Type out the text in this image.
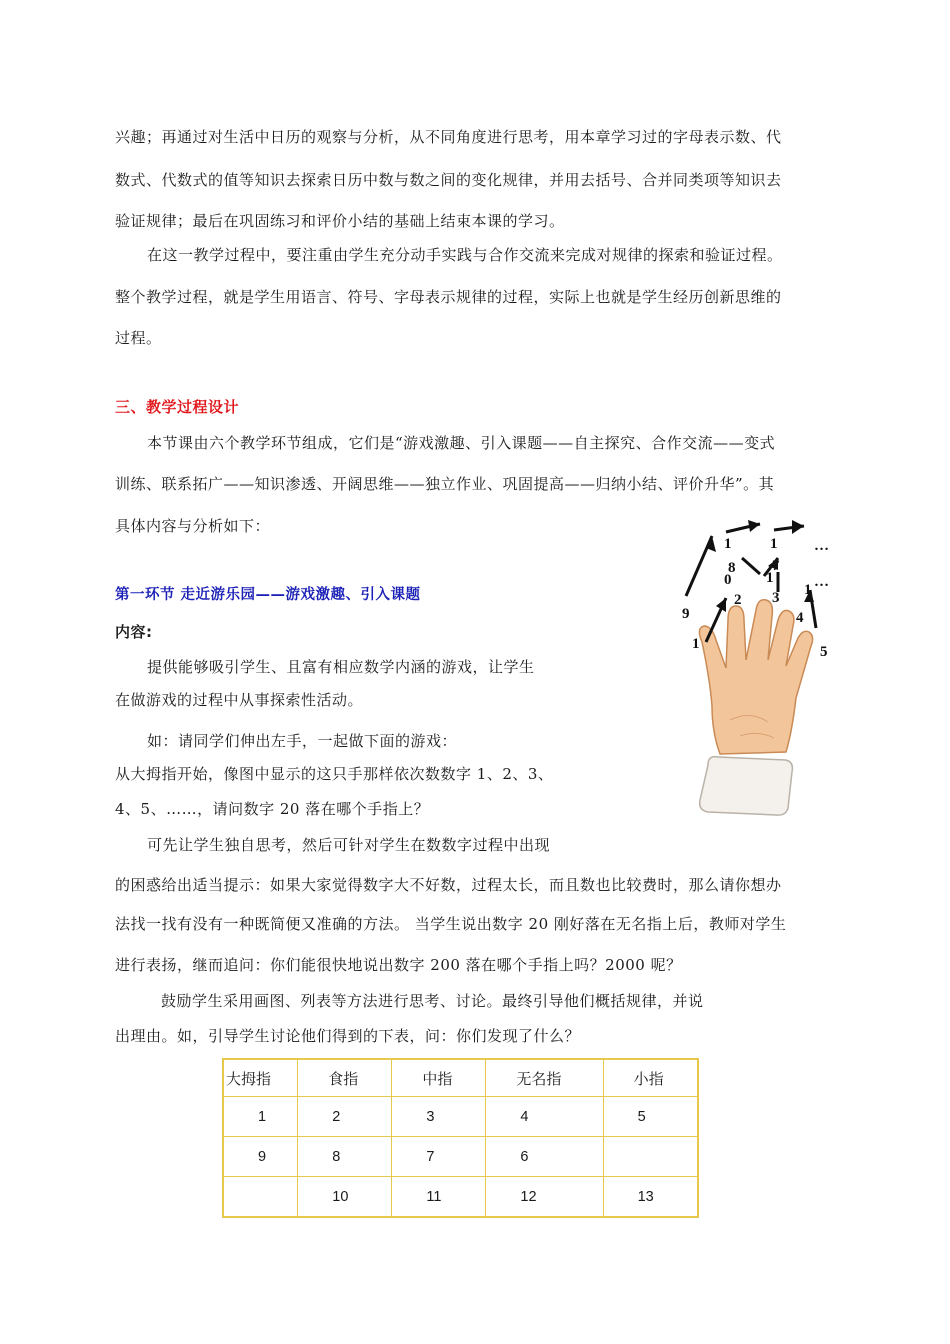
兴趣；再通过对生活中日历的观察与分析，从不同角度进行思考，用本章学习过的字母表示数、代
数式、代数式的值等知识去探索日历中数与数之间的变化规律，并用去括号、合并同类项等知识去
验证规律；最后在巩固练习和评价小结的基础上结束本课的学习。
在这一教学过程中，要注重由学生充分动手实践与合作交流来完成对规律的探索和验证过程。
整个教学过程，就是学生用语言、符号、字母表示规律的过程，实际上也就是学生经历创新思维的
过程。
三、教学过程设计
本节课由六个教学环节组成，它们是“游戏激趣、引入课题——自主探究、合作交流——变式
训练、联系拓广——知识渗透、开阔思维——独立作业、巩固提高——归纳小结、评价升华”。其
具体内容与分析如下：
第一环节 走近游乐园——游戏激趣、引入课题
内容:
提供能够吸引学生、且富有相应数学内涵的游戏，让学生
在做游戏的过程中从事探索性活动。
如：请同学们伸出左手，一起做下面的游戏：
从大拇指开始，像图中显示的这只手那样依次数数字 1、2、3、
4、5、……，请问数字 20 落在哪个手指上？
可先让学生独自思考，然后可针对学生在数数字过程中出现
的困惑给出适当提示：如果大家觉得数字大不好数，过程太长，而且数也比较费时，那么请你想办
法找一找有没有一种既简便又准确的方法。 当学生说出数字 20 刚好落在无名指上后，教师对学生
进行表扬，继而追问：你们能很快地说出数字 200 落在哪个手指上吗？2000 呢？
鼓励学生采用画图、列表等方法进行思考、讨论。最终引导他们概括规律，并说
出理由。如，引导学生讨论他们得到的下表，问：你们发现了什么？
1	1 …
8 7
0	…
9
2 3
4
1	5
1
1
大拇指	食指	中指	无名指	小指
1	2	3	4	5
9	8	7	6	
	10	11	12	13
